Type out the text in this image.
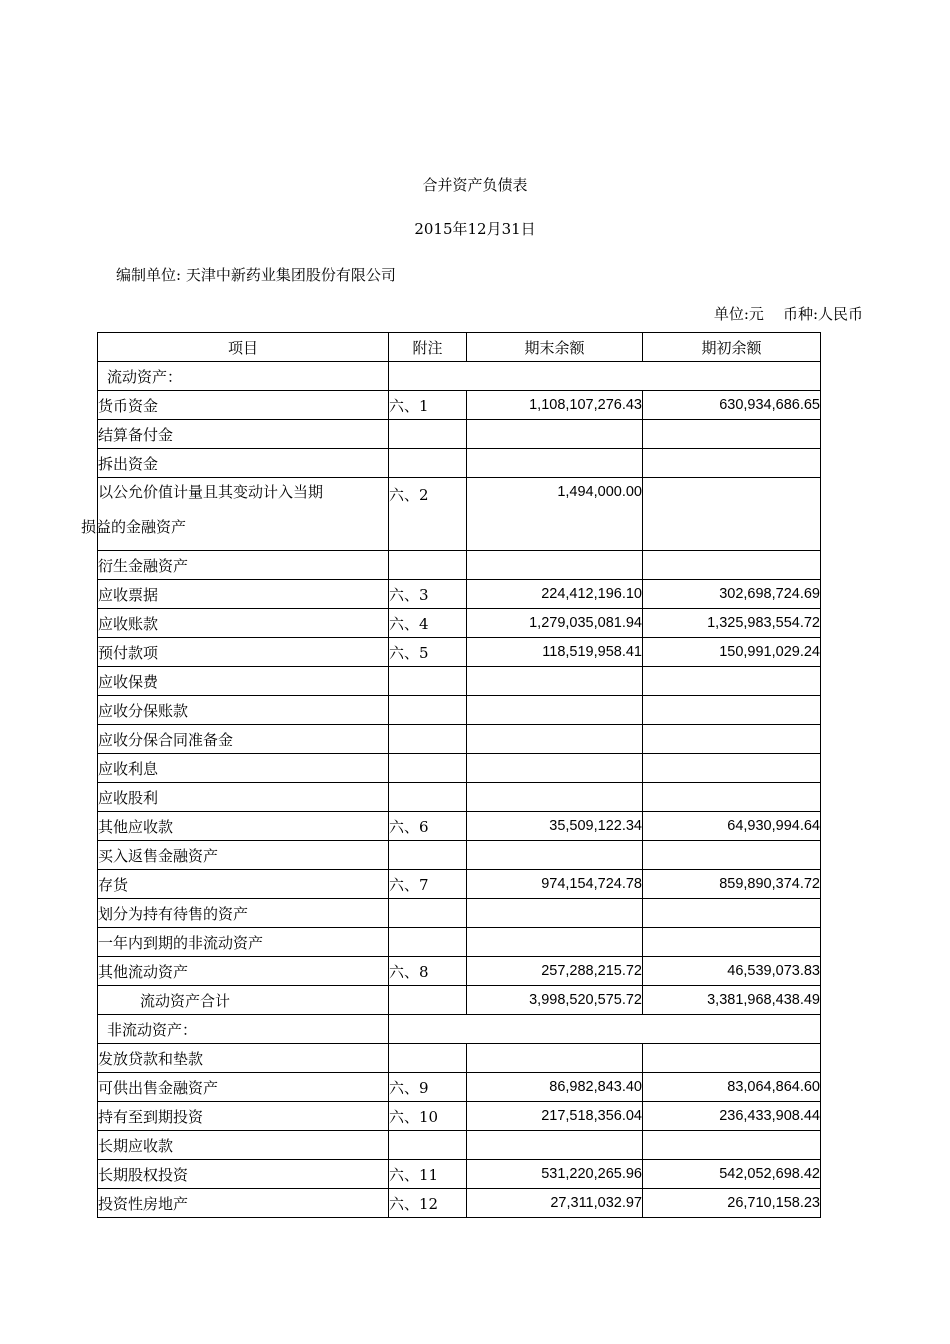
合并资产负债表
2015年12月31日
编制单位: 天津中新药业集团股份有限公司
单位:元    币种:人民币
项目	附注	期末余额	期初余额
流动资产：			
货币资金	六、1	1,108,107,276.43	630,934,686.65
结算备付金			
拆出资金			

以公允价值计量且其变动计入当期
损益的金融资产	六、2	1,494,000.00	
衍生金融资产			
应收票据	六、3	224,412,196.10	302,698,724.69
应收账款	六、4	1,279,035,081.94	1,325,983,554.72
预付款项	六、5	118,519,958.41	150,991,029.24
应收保费			
应收分保账款			
应收分保合同准备金			
应收利息			
应收股利			
其他应收款	六、6	35,509,122.34	64,930,994.64
买入返售金融资产			
存货	六、7	974,154,724.78	859,890,374.72
划分为持有待售的资产			
一年内到期的非流动资产			
其他流动资产	六、8	257,288,215.72	46,539,073.83
流动资产合计		3,998,520,575.72	3,381,968,438.49
非流动资产：			
发放贷款和垫款			
可供出售金融资产	六、9	86,982,843.40	83,064,864.60
持有至到期投资	六、10	217,518,356.04	236,433,908.44
长期应收款			
长期股权投资	六、11	531,220,265.96	542,052,698.42
投资性房地产	六、12	27,311,032.97	26,710,158.23
